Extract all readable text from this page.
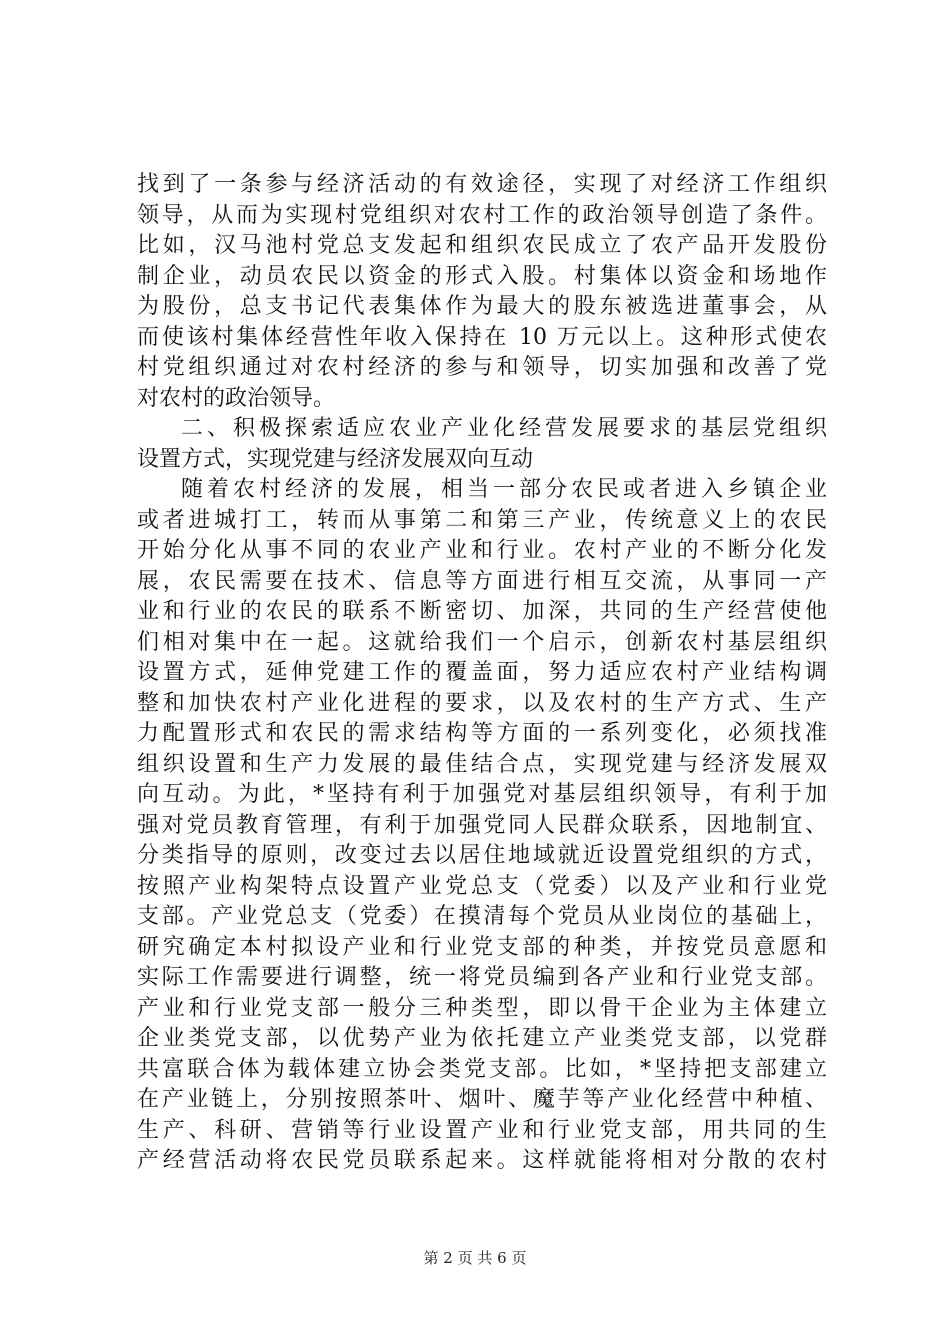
找到了一条参与经济活动的有效途径，实现了对经济工作组织
领导，从而为实现村党组织对农村工作的政治领导创造了条件。
比如，汉马池村党总支发起和组织农民成立了农产品开发股份
制企业，动员农民以资金的形式入股。村集体以资金和场地作
为股份，总支书记代表集体作为最大的股东被选进董事会，从
而使该村集体经营性年收入保持在 10 万元以上。这种形式使农
村党组织通过对农村经济的参与和领导，切实加强和改善了党
对农村的政治领导。
二、积极探索适应农业产业化经营发展要求的基层党组织
设置方式，实现党建与经济发展双向互动
随着农村经济的发展，相当一部分农民或者进入乡镇企业
或者进城打工，转而从事第二和第三产业，传统意义上的农民
开始分化从事不同的农业产业和行业。农村产业的不断分化发
展，农民需要在技术、信息等方面进行相互交流，从事同一产
业和行业的农民的联系不断密切、加深，共同的生产经营使他
们相对集中在一起。这就给我们一个启示，创新农村基层组织
设置方式，延伸党建工作的覆盖面，努力适应农村产业结构调
整和加快农村产业化进程的要求，以及农村的生产方式、生产
力配置形式和农民的需求结构等方面的一系列变化，必须找准
组织设置和生产力发展的最佳结合点，实现党建与经济发展双
向互动。为此，*坚持有利于加强党对基层组织领导，有利于加
强对党员教育管理，有利于加强党同人民群众联系，因地制宜、
分类指导的原则，改变过去以居住地域就近设置党组织的方式，
按照产业构架特点设置产业党总支（党委）以及产业和行业党
支部。产业党总支（党委）在摸清每个党员从业岗位的基础上，
研究确定本村拟设产业和行业党支部的种类，并按党员意愿和
实际工作需要进行调整，统一将党员编到各产业和行业党支部。
产业和行业党支部一般分三种类型，即以骨干企业为主体建立
企业类党支部，以优势产业为依托建立产业类党支部，以党群
共富联合体为载体建立协会类党支部。比如，*坚持把支部建立
在产业链上，分别按照茶叶、烟叶、魔芋等产业化经营中种植、
生产、科研、营销等行业设置产业和行业党支部，用共同的生
产经营活动将农民党员联系起来。这样就能将相对分散的农村
第 2 页 共 6 页
